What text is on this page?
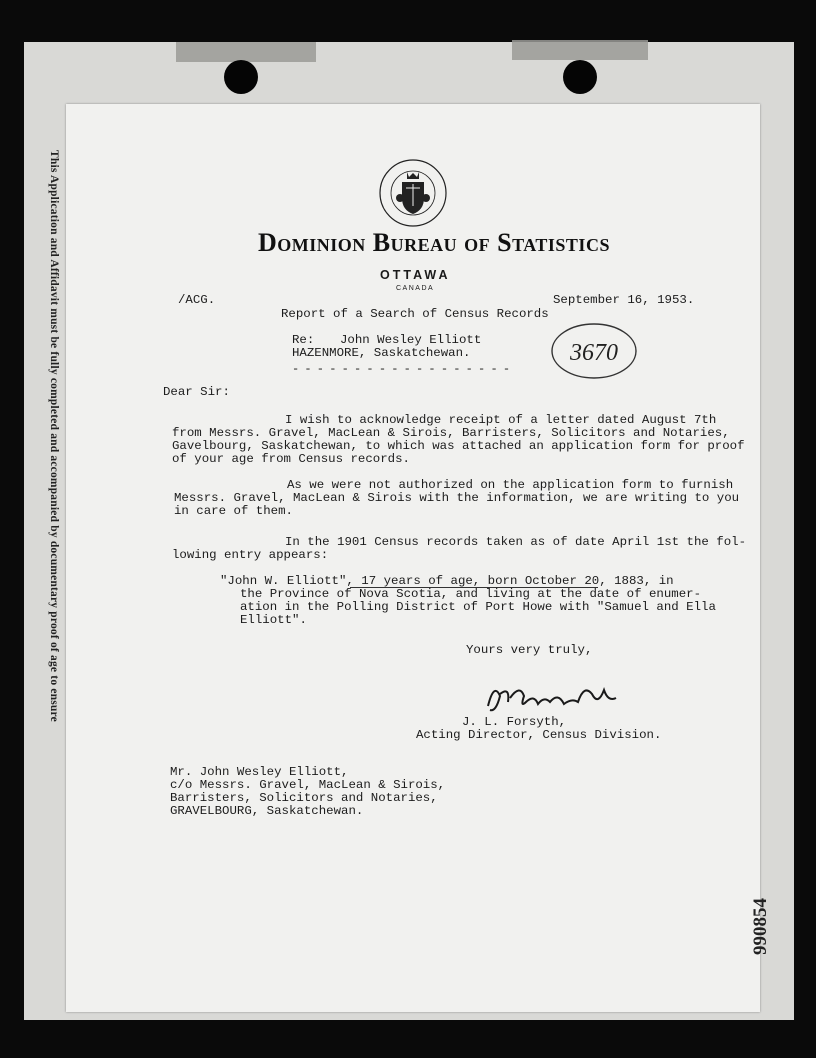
This Application and Affidavit must be fully completed and accompanied by documentary proof of age to ensure	Dominion Bureau of Statistics
OTTAWA
CANADA
/ACG.	September 16, 1953.
Report of a Search of Census Records
Re: John Wesley Elliott
HAZENMORE, Saskatchewan.
- - - - - - - - - - - - - - - - - -
3670
Dear Sir:
I wish to acknowledge receipt of a letter dated August 7th
from Messrs. Gravel, MacLean & Sirois, Barristers, Solicitors and Notaries,
Gavelbourg, Saskatchewan, to which was attached an application form for proof
of your age from Census records.
As we were not authorized on the application form to furnish
Messrs. Gravel, MacLean & Sirois with the information, we are writing to you
in care of them.
In the 1901 Census records taken as of date April 1st the fol-
lowing entry appears:
"John W. Elliott", 17 years of age, born October 20, 1883, in
the Province of Nova Scotia, and living at the date of enumer-
ation in the Polling District of Port Howe with "Samuel and Ella
Elliott".
Yours very truly,
J. L. Forsyth,
Acting Director, Census Division.
Mr. John Wesley Elliott,
c/o Messrs. Gravel, MacLean & Sirois,
Barristers, Solicitors and Notaries,
GRAVELBOURG, Saskatchewan.
990854
